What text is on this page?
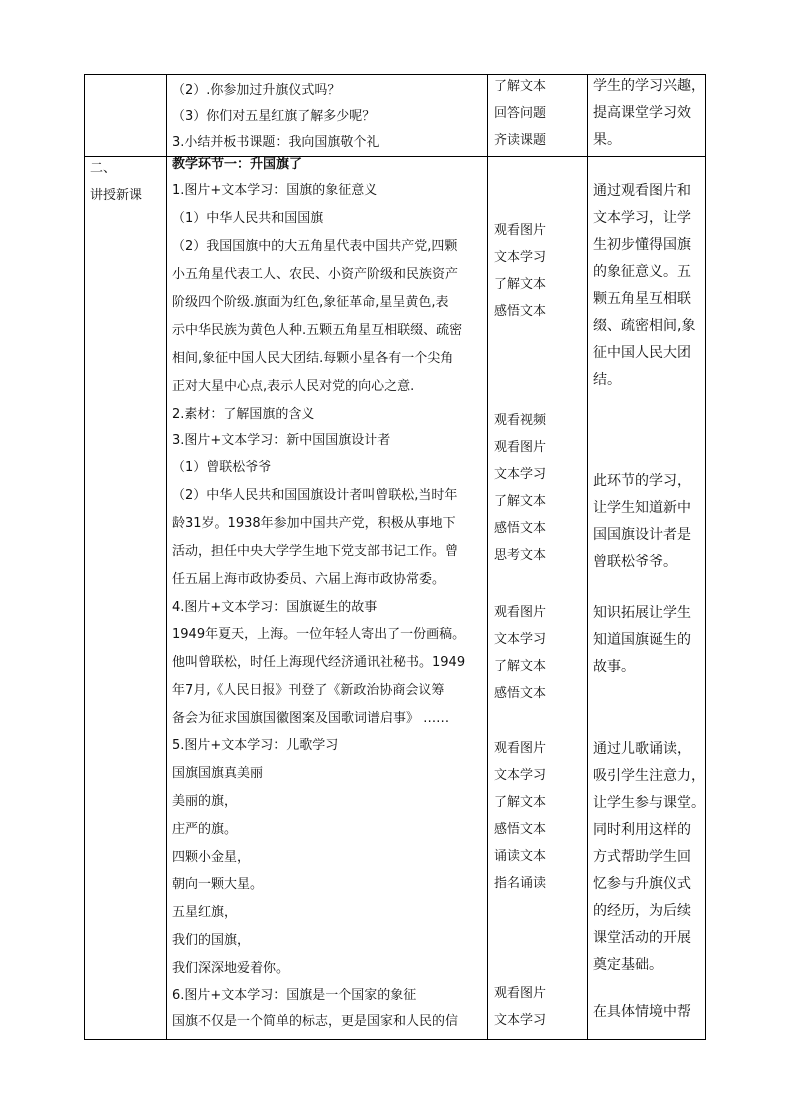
（2）.你参加过升旗仪式吗？
（3）你们对五星红旗了解多少呢？
3.小结并板书课题：我向国旗敬个礼
了解文本
回答问题
齐读课题
学生的学习兴趣，
提高课堂学习效
果。
二、
讲授新课
教学环节一：升国旗了
1.图片+文本学习：国旗的象征意义
（1）中华人民共和国国旗
（2）我国国旗中的大五角星代表中国共产党,四颗
小五角星代表工人、农民、小资产阶级和民族资产
阶级四个阶级.旗面为红色,象征革命,星呈黄色,表
示中华民族为黄色人种.五颗五角星互相联缀、疏密
相间,象征中国人民大团结.每颗小星各有一个尖角
正对大星中心点,表示人民对党的向心之意.
2.素材：了解国旗的含义
3.图片+文本学习：新中国国旗设计者
（1）曾联松爷爷
（2）中华人民共和国国旗设计者叫曾联松,当时年
龄31岁。1938年参加中国共产党，积极从事地下
活动，担任中央大学学生地下党支部书记工作。曾
任五届上海市政协委员、六届上海市政协常委。
4.图片+文本学习：国旗诞生的故事
1949年夏天，上海。一位年轻人寄出了一份画稿。
他叫曾联松，时任上海现代经济通讯社秘书。1949
年7月,《人民日报》刊登了《新政治协商会议筹
备会为征求国旗国徽图案及国歌词谱启事》 ……
5.图片+文本学习：儿歌学习
国旗国旗真美丽
美丽的旗，
庄严的旗。
四颗小金星，
朝向一颗大星。
五星红旗，
我们的国旗，
我们深深地爱着你。
6.图片+文本学习：国旗是一个国家的象征
国旗不仅是一个简单的标志，更是国家和人民的信
观看图片
文本学习
了解文本
感悟文本
观看视频
观看图片
文本学习
了解文本
感悟文本
思考文本
观看图片
文本学习
了解文本
感悟文本
观看图片
文本学习
了解文本
感悟文本
诵读文本
指名诵读
观看图片
文本学习
通过观看图片和
文本学习，让学
生初步懂得国旗
的象征意义。五
颗五角星互相联
缀、疏密相间,象
征中国人民大团
结。
此环节的学习，
让学生知道新中
国国旗设计者是
曾联松爷爷。
知识拓展让学生
知道国旗诞生的
故事。
通过儿歌诵读，
吸引学生注意力，
让学生参与课堂。
同时利用这样的
方式帮助学生回
忆参与升旗仪式
的经历，为后续
课堂活动的开展
奠定基础。
在具体情境中帮
